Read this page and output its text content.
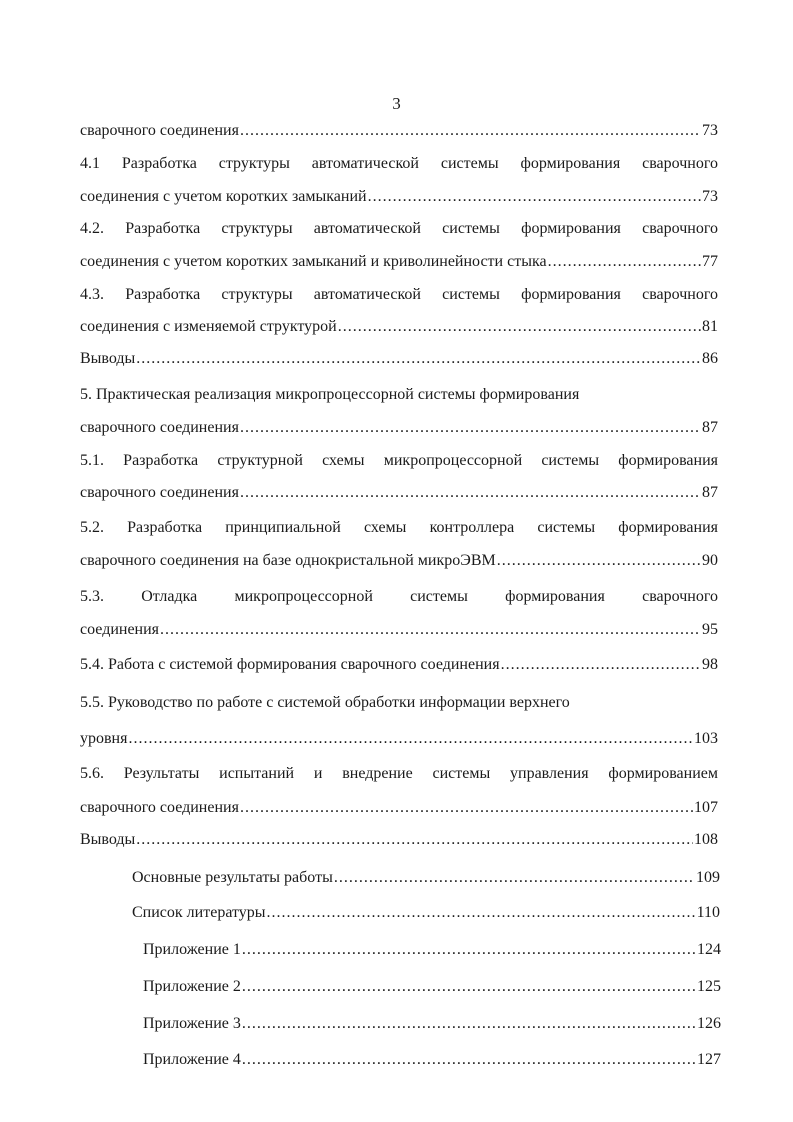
3
сварочного соединения .....	73
4.1 Разработка структуры автоматической системы формирования сварочного
соединения с учетом коротких замыканий .....	73
4.2. Разработка структуры автоматической системы формирования сварочного
соединения с учетом коротких замыканий и криволинейности стыка .....	77
4.3. Разработка структуры автоматической системы формирования сварочного
соединения с изменяемой структурой .....	81
Выводы .....	86
5. Практическая реализация микропроцессорной системы формирования
сварочного соединения .....	87
5.1. Разработка структурной схемы микропроцессорной системы формирования
сварочного соединения .....	87
5.2. Разработка принципиальной схемы контроллера системы формирования
сварочного соединения на базе однокристальной микроЭВМ .....	90
5.3. Отладка микропроцессорной системы формирования сварочного
соединения .....	95
5.4. Работа с системой формирования сварочного соединения .....	98
5.5. Руководство по работе с системой обработки информации верхнего
уровня .....	103
5.6. Результаты испытаний и внедрение системы управления формированием
сварочного соединения .....	107
Выводы .....	108
Основные результаты работы .....	109
Список литературы .....	110
Приложение 1 .....	124
Приложение 2 .....	125
Приложение 3 .....	126
Приложение 4 .....	127
